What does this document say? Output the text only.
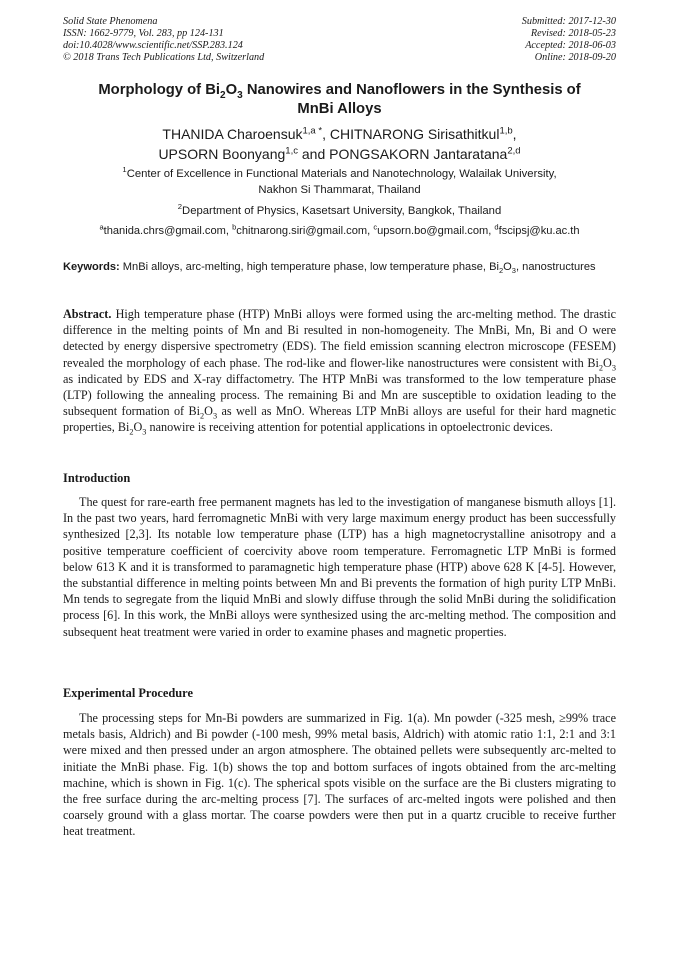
Solid State Phenomena
ISSN: 1662-9779, Vol. 283, pp 124-131
doi:10.4028/www.scientific.net/SSP.283.124
© 2018 Trans Tech Publications Ltd, Switzerland
Submitted: 2017-12-30
Revised: 2018-05-23
Accepted: 2018-06-03
Online: 2018-09-20
Morphology of $Bi_2O_3$ Nanowires and Nanoflowers in the Synthesis of
MnBi Alloys
THANIDA Charoensuk$^{1,a *}$, CHITNARONG Sirisathitkul$^{1,b}$,
UPSORN Boonyang$^{1,c}$ and PONGSAKORN Jantaratana$^{2,d}$
$^1$Center of Excellence in Functional Materials and Nanotechnology, Walailak University,
Nakhon Si Thammarat, Thailand
$^2$Department of Physics, Kasetsart University, Bangkok, Thailand
$^a$thanida.chrs@gmail.com, $^b$chitnarong.siri@gmail.com, $^c$upsorn.bo@gmail.com, $^d$fscipsj@ku.ac.th
Keywords: MnBi alloys, arc-melting, high temperature phase, low temperature phase, $Bi_2O_3$, nanostructures
Abstract. High temperature phase (HTP) MnBi alloys were formed using the arc-melting method. The drastic difference in the melting points of Mn and Bi resulted in non-homogeneity. The MnBi, Mn, Bi and O were detected by energy dispersive spectrometry (EDS). The field emission scanning electron microscope (FESEM) revealed the morphology of each phase. The rod-like and flower-like nanostructures were consistent with $Bi_2O_3$ as indicated by EDS and X-ray diffactometry. The HTP MnBi was transformed to the low temperature phase (LTP) following the annealing process. The remaining Bi and Mn are susceptible to oxidation leading to the subsequent formation of $Bi_2O_3$ as well as MnO. Whereas LTP MnBi alloys are useful for their hard magnetic properties, $Bi_2O_3$ nanowire is receiving attention for potential applications in optoelectronic devices.
Introduction
The quest for rare-earth free permanent magnets has led to the investigation of manganese bismuth alloys [1]. In the past two years, hard ferromagnetic MnBi with very large maximum energy product has been successfully synthesized [2,3]. Its notable low temperature phase (LTP) has a high magnetocrystalline anisotropy and a positive temperature coefficient of coercivity above room temperature. Ferromagnetic LTP MnBi is formed below 613 K and it is transformed to paramagnetic high temperature phase (HTP) above 628 K [4-5]. However, the substantial difference in melting points between Mn and Bi prevents the formation of high purity LTP MnBi. Mn tends to segregate from the liquid MnBi and slowly diffuse through the solid MnBi during the solidification process [6]. In this work, the MnBi alloys were synthesized using the arc-melting method. The composition and subsequent heat treatment were varied in order to examine phases and magnetic properties.
Experimental Procedure
The processing steps for Mn-Bi powders are summarized in Fig. 1(a). Mn powder (-325 mesh, ≥99% trace metals basis, Aldrich) and Bi powder (-100 mesh, 99% metal basis, Aldrich) with atomic ratio 1:1, 2:1 and 3:1 were mixed and then pressed under an argon atmosphere. The obtained pellets were subsequently arc-melted to initiate the MnBi phase. Fig. 1(b) shows the top and bottom surfaces of ingots obtained from the arc-melting machine, which is shown in Fig. 1(c). The spherical spots visible on the surface are the Bi clusters migrating to the free surface during the arc-melting process [7]. The surfaces of arc-melted ingots were polished and then coarsely ground with a glass mortar. The coarse powders were then put in a quartz crucible to receive further heat treatment.
